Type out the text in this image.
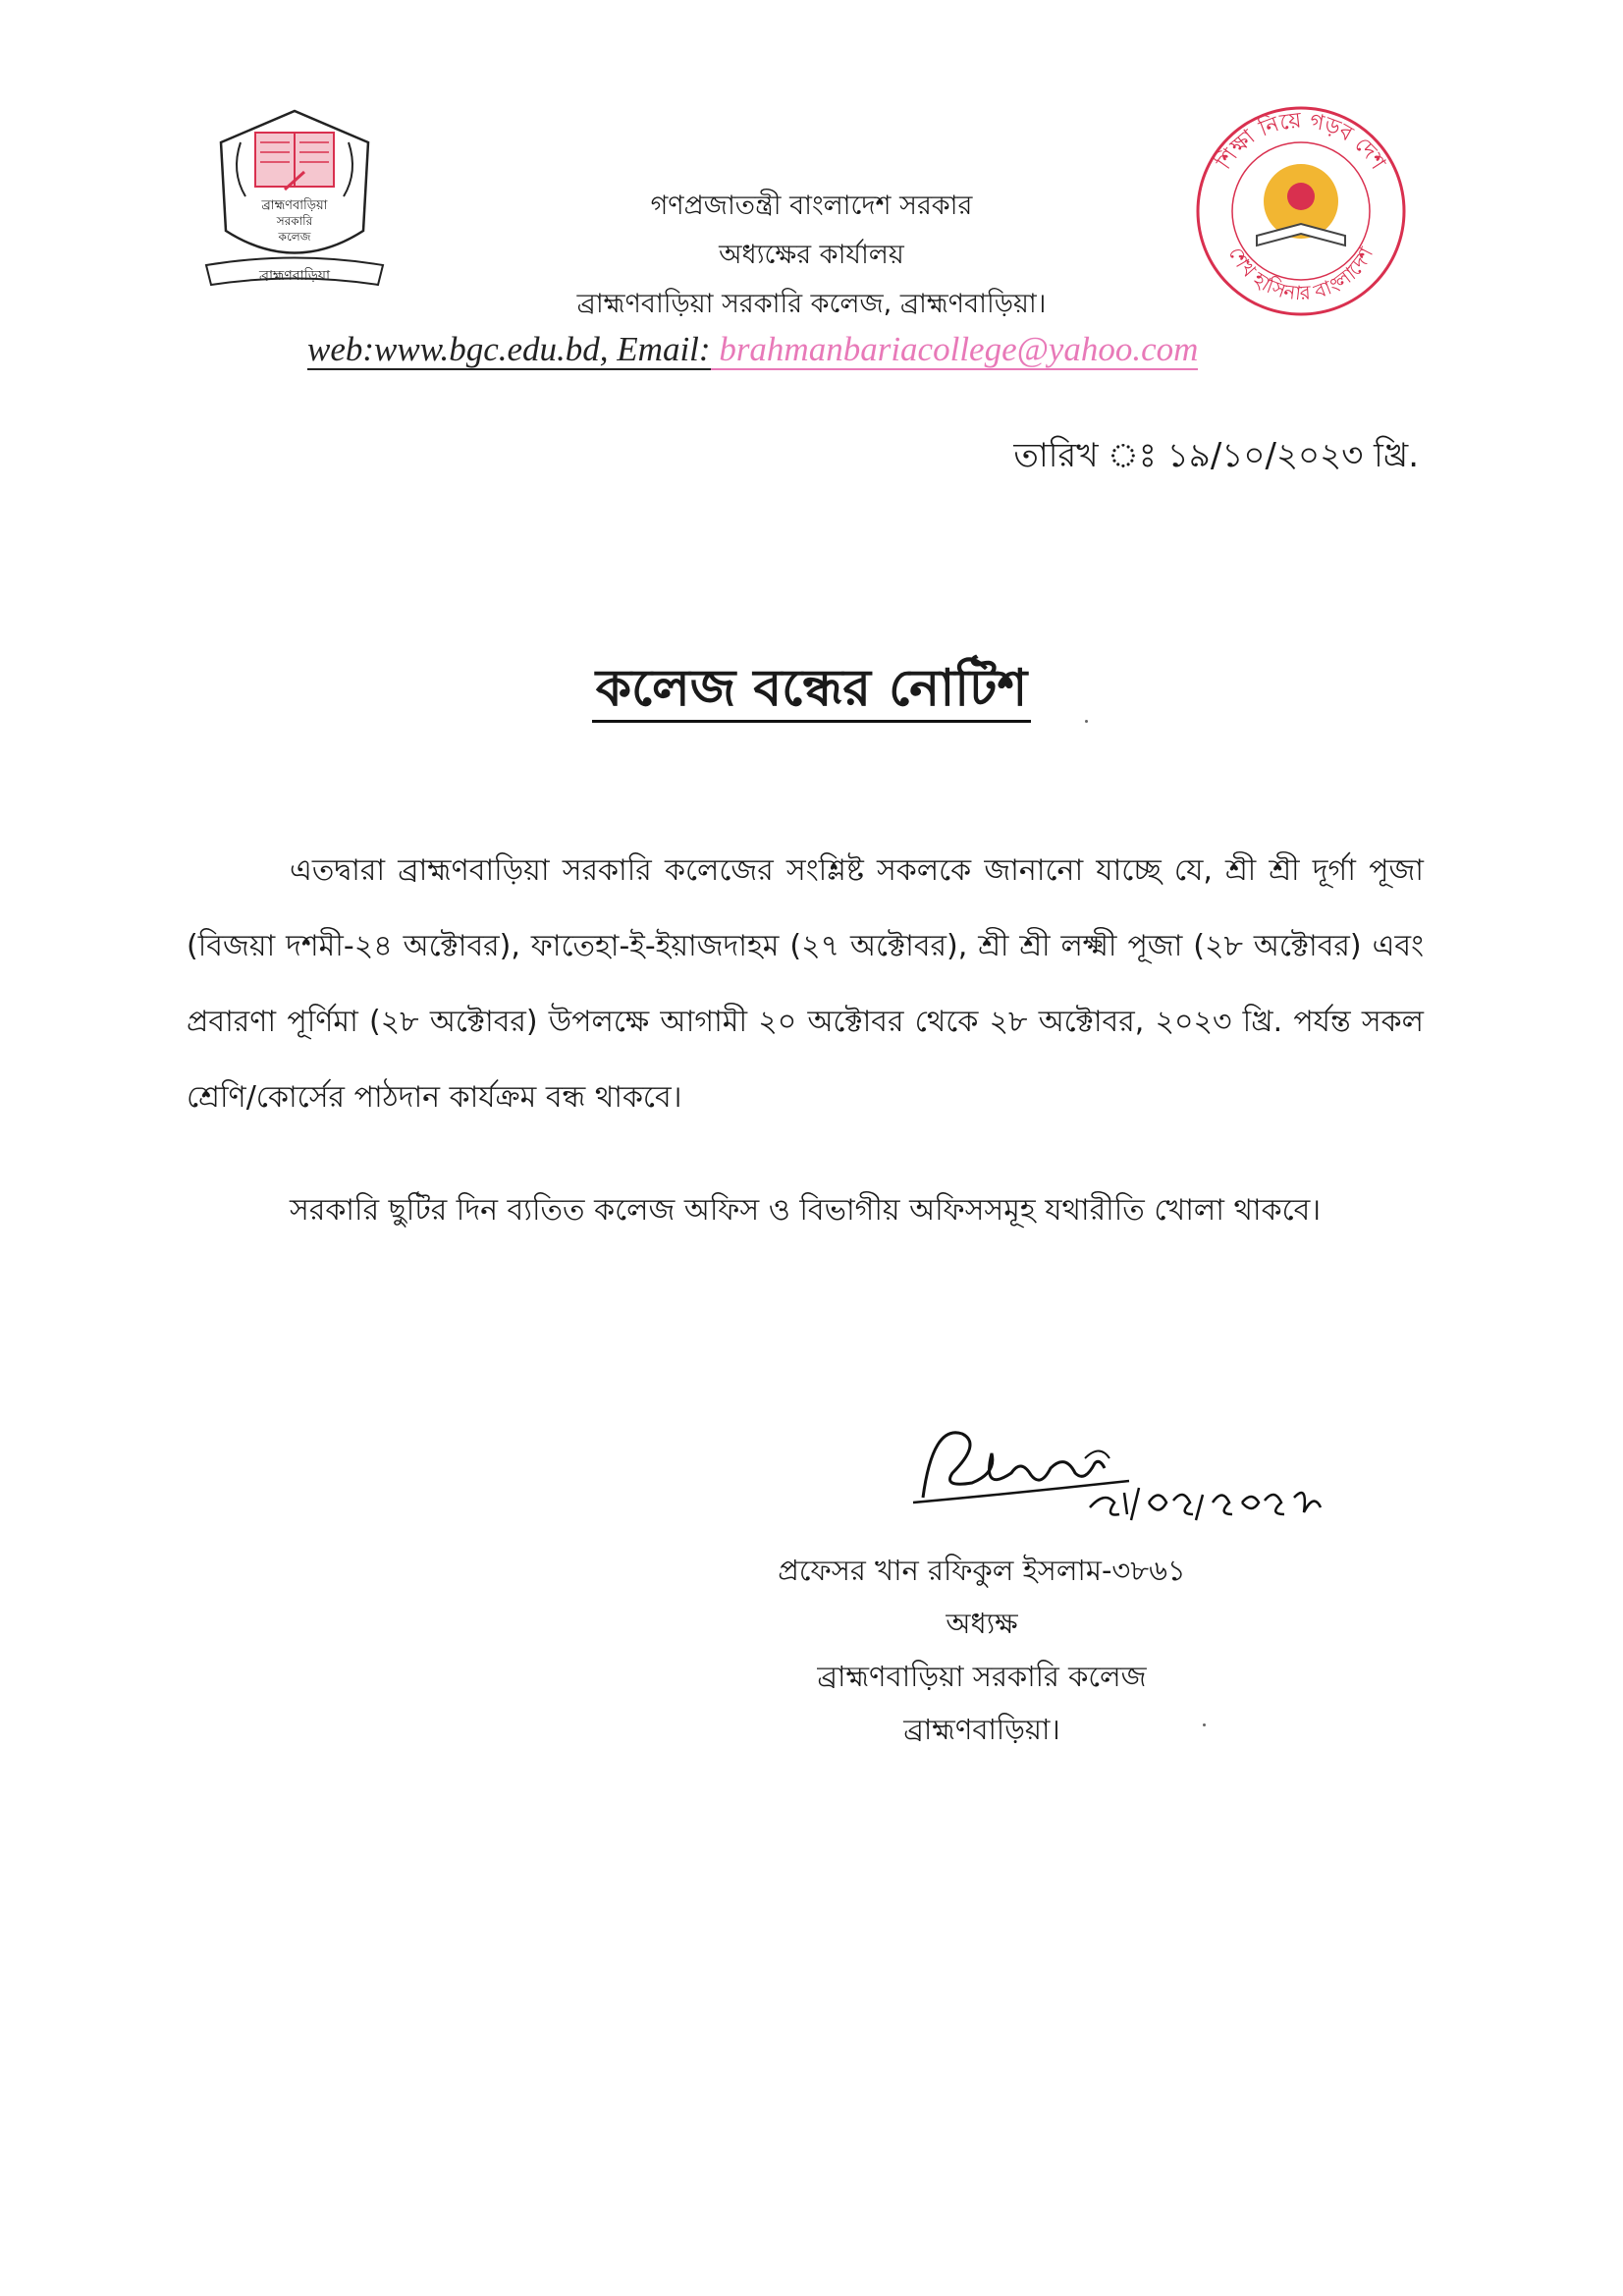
ব্রাহ্মণবাড়িয়া
সরকারি
কলেজ
ব্রাহ্মণবাড়িয়া
শিক্ষা নিয়ে গড়ব দেশ
শেখ হাসিনার বাংলাদেশ
গণপ্রজাতন্ত্রী বাংলাদেশ সরকার
অধ্যক্ষের কার্যালয়
ব্রাহ্মণবাড়িয়া সরকারি কলেজ, ব্রাহ্মণবাড়িয়া।
web:www.bgc.edu.bd, Email: brahmanbariacollege@yahoo.com
তারিখ ঃ ১৯/১০/২০২৩ খ্রি.
কলেজ বন্ধের নোটিশ
এতদ্বারা ব্রাহ্মণবাড়িয়া সরকারি কলেজের সংশ্লিষ্ট সকলকে জানানো যাচ্ছে যে, শ্রী শ্রী দূর্গা পূজা (বিজয়া দশমী-২৪ অক্টোবর), ফাতেহা-ই-ইয়াজদাহম (২৭ অক্টোবর), শ্রী শ্রী লক্ষ্মী পূজা (২৮ অক্টোবর) এবং প্রবারণা পূর্ণিমা (২৮ অক্টোবর) উপলক্ষে আগামী ২০ অক্টোবর থেকে ২৮ অক্টোবর, ২০২৩ খ্রি. পর্যন্ত সকল শ্রেণি/কোর্সের পাঠদান কার্যক্রম বন্ধ থাকবে।
সরকারি ছুটির দিন ব্যতিত কলেজ অফিস ও বিভাগীয় অফিসসমূহ যথারীতি খোলা থাকবে।
প্রফেসর খান রফিকুল ইসলাম-৩৮৬১
অধ্যক্ষ
ব্রাহ্মণবাড়িয়া সরকারি কলেজ
ব্রাহ্মণবাড়িয়া।
